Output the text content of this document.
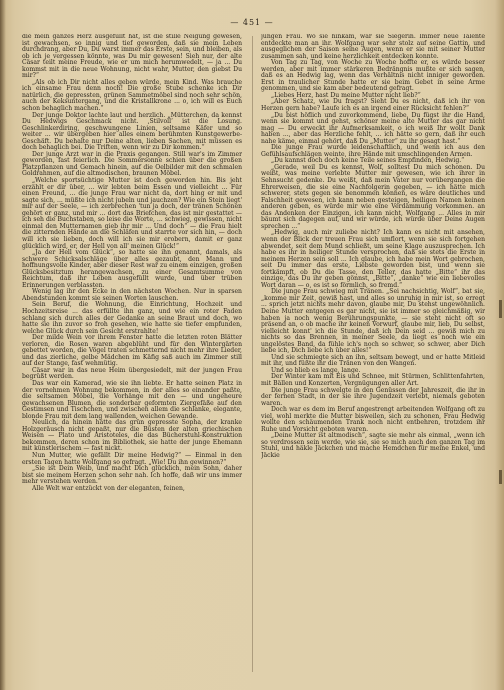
— 451 —

die mein ganzes Herz ausgefüllt hat, ist die stille Neigung gewesen, ist gewachsen, so innig und tief geworden, daß sie mein Leben durchdrang, aber Du, Du warst immer das Erste, sein, und bleiben, als ob ich je vergessen könnte, was Du mir gewesen! Sieh nur, der alte Cäsar teilt meine Freude, wie er um mich herumwedelt, — ja ... Du kommst mit in die neue Wohnung, nicht wahr, Mutter, den giebst Du mir?“

„Als ob ich Dir nicht alles geben würde, mein Kind. Was brauche ich einsame Frau denn noch! Die große Stube schenke ich Dir natürlich, die gepressten, grünen Sammetmöbel sind noch sehr schön, auch der Keksuntergang, und die Kristallkrone ... o, ich will es Euch schon behaglich machen.“

Der junge Doktor lachte laut und herzlich. „Mütterchen, da kennst Du Hedwigs Geschmack nicht. ‚Stilvoll‘ ist die Losung. Geschlinkerdiring, geschwungene Linien, seltsame Käfer und so weiter ... wir übergeben hier alles einem berühmten Kunstgewerbe-Geschäft. Du behalte nur Deine alten, lieben Sachen, mit müssen es doch behaglich bei. Die Triften, wenn wir zu Dir kommen.“

Der junge Arzt war in die Praxis gegangen. Still war's im Zimmer geworden, fast feierlich. Die Sommersonne schien über die großen Platzpflanzen und Gemach hinein, auf die Oelbilder mit den schmalen Goldrahmen, auf die altmodischen, braunen Möbel.

„Welche sportsüchtige Mutter ist doch geworden hin. Bis jeht erzählt er dir über, ... wir lebten beim Essen und vielleicht ... Für einen Freund, ... die junge Frau war nicht da, dort hing er mit und sagte sich, ... müßte ich nicht jubeln und jauchzen? Wie ein Stein liegt' mir auf der Seele, — ich zerbrechen 'tun ja doch, der tränen Schönen gehört er ganz, und mir ... dort das Briefchen, das ist mir gestattet — ich seh die Buchstaben, so leise die Worte, ... schwieg, gewissen, nicht einmal den Mutternamen gieb ihr mir ... Und doch“ — die Frau hielt die zitternden Hände an die Schläfen und starrte vor sich hin, — doch will ich sie lieben, doch will ich sie mir erobern, damit er ganz glücklich wird, er, der Hell von all' meinen Glück!“

„Ja der Hell vom Glück“, so hatte sie ihn genannt, damals, als schwere Schicksalschläge über alles gezaubt, den Mann und hoffnungsvolle Kinder, aber dieser Rest war zu einem einzigen, großen Glücksbesitztum herangewachsen, zu einer Gesamtsumme von Reichtum, daß ihr Leben ausgefüllt wurde, und über trüben Erinnerungen verblassten.

Wenig lag ihr den Ecke in den nächsten Wochen. Nur in sparsen Abendstunden kommt sie seinen Worten lauschen.

Sein Beruf, die Wohnung, die Einrichtung, Hochzeit und Hochzeitsreise ... das erfüllte ihn ganz, und wie ein roter Faden schlang sich durch alles der Gedanke an seine Braut und doch, wo hatte sie ihn zuvor so froh gesehen, wie hatte sie tiefer empfunden, welche Glück durch sein Gesicht erstrahlte!

Der milde Wein vor ihrem Fenster hatte die letzten roten Blätter verloren, die Rosen waren abgeblüht und für den Wintergärten gebettet worden, die Vögel traten schmetternd nicht mehr ihre Lieder, und das zierliche, gelbe Mädchen im Käfig saß auch im Zimmer still auf der Stange, fast wehmütig.

Cäsar war in das neue Heim übergesiedelt, mit der jungen Frau begrüßt werden.

Das war ein Kamerad, wie sie ihn liebte. Er hatte seinen Platz in der vornehmen Wohnung bekommen, in der alles so einander paßte, die seltsamen Möbel, die Vorhänge mit den — und ungeheure gewachsenen Blumen, die sonderbar geformten Ziergefäße auf den Gestimsen und Tischchen, und zwischen allem die schlanke, elegante, blonde Frau mit dem lang wallenden, weichen Gewande.

Neulich, da hinein hätte das grün gepresste Sopha, der kranke Holzgeräusch nicht gepaßt, nur die Büsten der alten griechischen Weisen — Plato und Aristoteles, die das Bücherstuhl-Konstruktion bekommen, deren schon im Bibliothek, sie hatte der junge Ehemann mit künstlerischem — fast nickt.

Nun Mutter, wie gefällt Dir meine Hedwig?“ — Einmal in den ersten Tagen hatte Wolfgang so gefragt. „Wie! Du ihn gewinnen?“

„Sie ist Dein Weib, und macht Dich glücklich, mein Sohn, daher bist sie meinem Herzen schon sehr nah. Ich hoffe, daß wir uns immer mehr verstehen werden.“

Alle Welt war entzückt von der eleganten, feinen,

jungen Frau. Wo sie hinkam, war sie Siegerin. Immer neue Talente entdeckte man an ihr. Wolfgang war sehr stolz auf seine Gattin, und ausgeglichen der Saison seine Augen, wenn er sie mit seiner Mutter zusammen sah, und keine herzlichkeit entdecken konnte.

Von Tag zu Tag, von Woche zu Woche hoffte er, es würde besser werden, aber mit immer stärkeren Bedrängnis mußte er sich sagen, daß es an Hedwig lag, wenn das Verhältnis nicht inniger geworden. Erst in traulicher Stunde hatte er sie beim Gebet in seine Arme genommen, und sie kam aber bedeutend gefragt.

„Liebes Herz, hast Du meine Mutter nicht lieb?“

„Aber Schatz, wie Du fragst? Sieht Du es nicht, daß ich ihr von Herzen gern habe? Laufe ich es an irgend einer Rücksicht fehlen?“

„Du bist höflich und zuvorkommend, liebe, Du fügst ihr die Hand, wenn sie kommt und gehst, schöner meine alte Mutter das gar nicht mag — Du erweckt ihr Aufmerksamkeit, o ich weiß Ihr wollt Dank haben ..., aber das Herzliche fehlt, ... ich hätte so gern, daß ihr euch nahe käme, einmal gehört, daß Du „Mutter“ zu ihr gesagt hast.“

Die junge Frau wurde leidenschaftlich, und wenn ich aus den Gefühlsaufschlägen weinte, ihre Hände mit umschlingenden Armen.

„Du kannst doch doch keine Teile seines Empfinden, Hedwig.“

„Gerade, weil Du es kennst, Wolf, solltest Du mich schonen. Du weißt, was meine verlebte Mutter mir gewesen, wie ich ihrer in Sehnsucht gedenke. Du weißt, daß mein Vater nur vorübergangen die Ehrerweisen, die sie eine Nachfolgerin gegeben, — ich hätte mich schwerer, stets gegen sie benommen können, es wäre deutliches und Falschheit gewesen, ich kann neben gesteigen, heiligen Namen keinen anderen geben, es würde mir wie eine Verdämmung vorkommen. an das Andenken der Einzigen, ich kann nicht, Wolfgang ... Alles in mir bäumt sich dagegen auf, und wir würde, ich würde über Deine Augen sprechen ...“

„Hedwig, auch mir zuliebe nicht? Ich kann es nicht mit ansehen, wenn der Blick der treuen Frau sich umflort, wenn sie sich fortgehen abwendet, seit dem Mund schließt, um seine Klage auszusprechen. Ich habe es ihr in heiliger Stunde versprochen, daß sie stets die Erste in meinem Herzen sein soll ... Ich glaube, ich habe mein Wort gebrochen, seit Du immer das erste, Liebste geworden bist, und wenn sie fortkämpft, ob Du die Tasse, den Teller, das hatte „Bitte“ ihr das einzige, das Du ihr geben gönnst, „Bitte“, „danke“ wie ein liebevolles Wort daran — o, es ist so förmlich, so fremd.“

Die junge Frau schwieg mit Tränen. „Sei nachsichtig, Wolf“, bat sie, „komme mir Zeit, gewiß hast, und alles so unruhig in mir ist, so erregt ... sprich jetzt nichts mehr davon, glaube mir, Du stehst ungewöhnlich. Deine Mutter entgegen es gar nicht, sie ist immer so gleichmäßig, wir haben ja noch wenig Berührungspunkte, — sie steht nicht oft so präsend an, o ob mache ihr keinen Vorwurf, glaube mir, lieb, Du selbst, vielleicht konnt' ich die Stunde, daß ich Dein seid ... gewiß mich zu nichts so das Brennen, in meiner Seele, da liegt es noch wie ein ungelöstes Band, da fühle ich's noch so schwer, so schwer, aber Dich liebe ich, Dich liebe ich über alles!“

Und sie schmiegte sich an ihn, seltsam bewegt, und er hatte Mitleid mit ihr, und füßte ihr die Tränen von den Wangen.

Und so blieb es lange, lange.

Der Winter kam mit Eis und Schnee, mit Stürmen, Schlittenfahrten, mit Bällen und Konzerten, Vergnügungen aller Art.

Die junge Frau schwelgte in den Genüssen der Jahreszeit, die ihr in der fernen Stadt, in der sie ihre Jugendzeit verlebt, niemals geboten waren.

Doch war es dem im Beruf angestrengt arbeitenden Wolfgang oft zu viel, wohl merkte die Mutter bisweilen, sich zu schonen, Frau Hedwig wollte den schäumenden Trank noch nicht entbehren, trotzdem ihr Ruhe und Vorsicht geboten waren.

„Deine Mutter ist altmodisch“, sagte sie mehr als einmal, „wenn ich so verdrossen sein werde, wie sie, sie so mich auch den ganzen Tag im Stuhl, und häkle Jäckchen und mache Hemdchen für meine Enkel, und Jäckie
